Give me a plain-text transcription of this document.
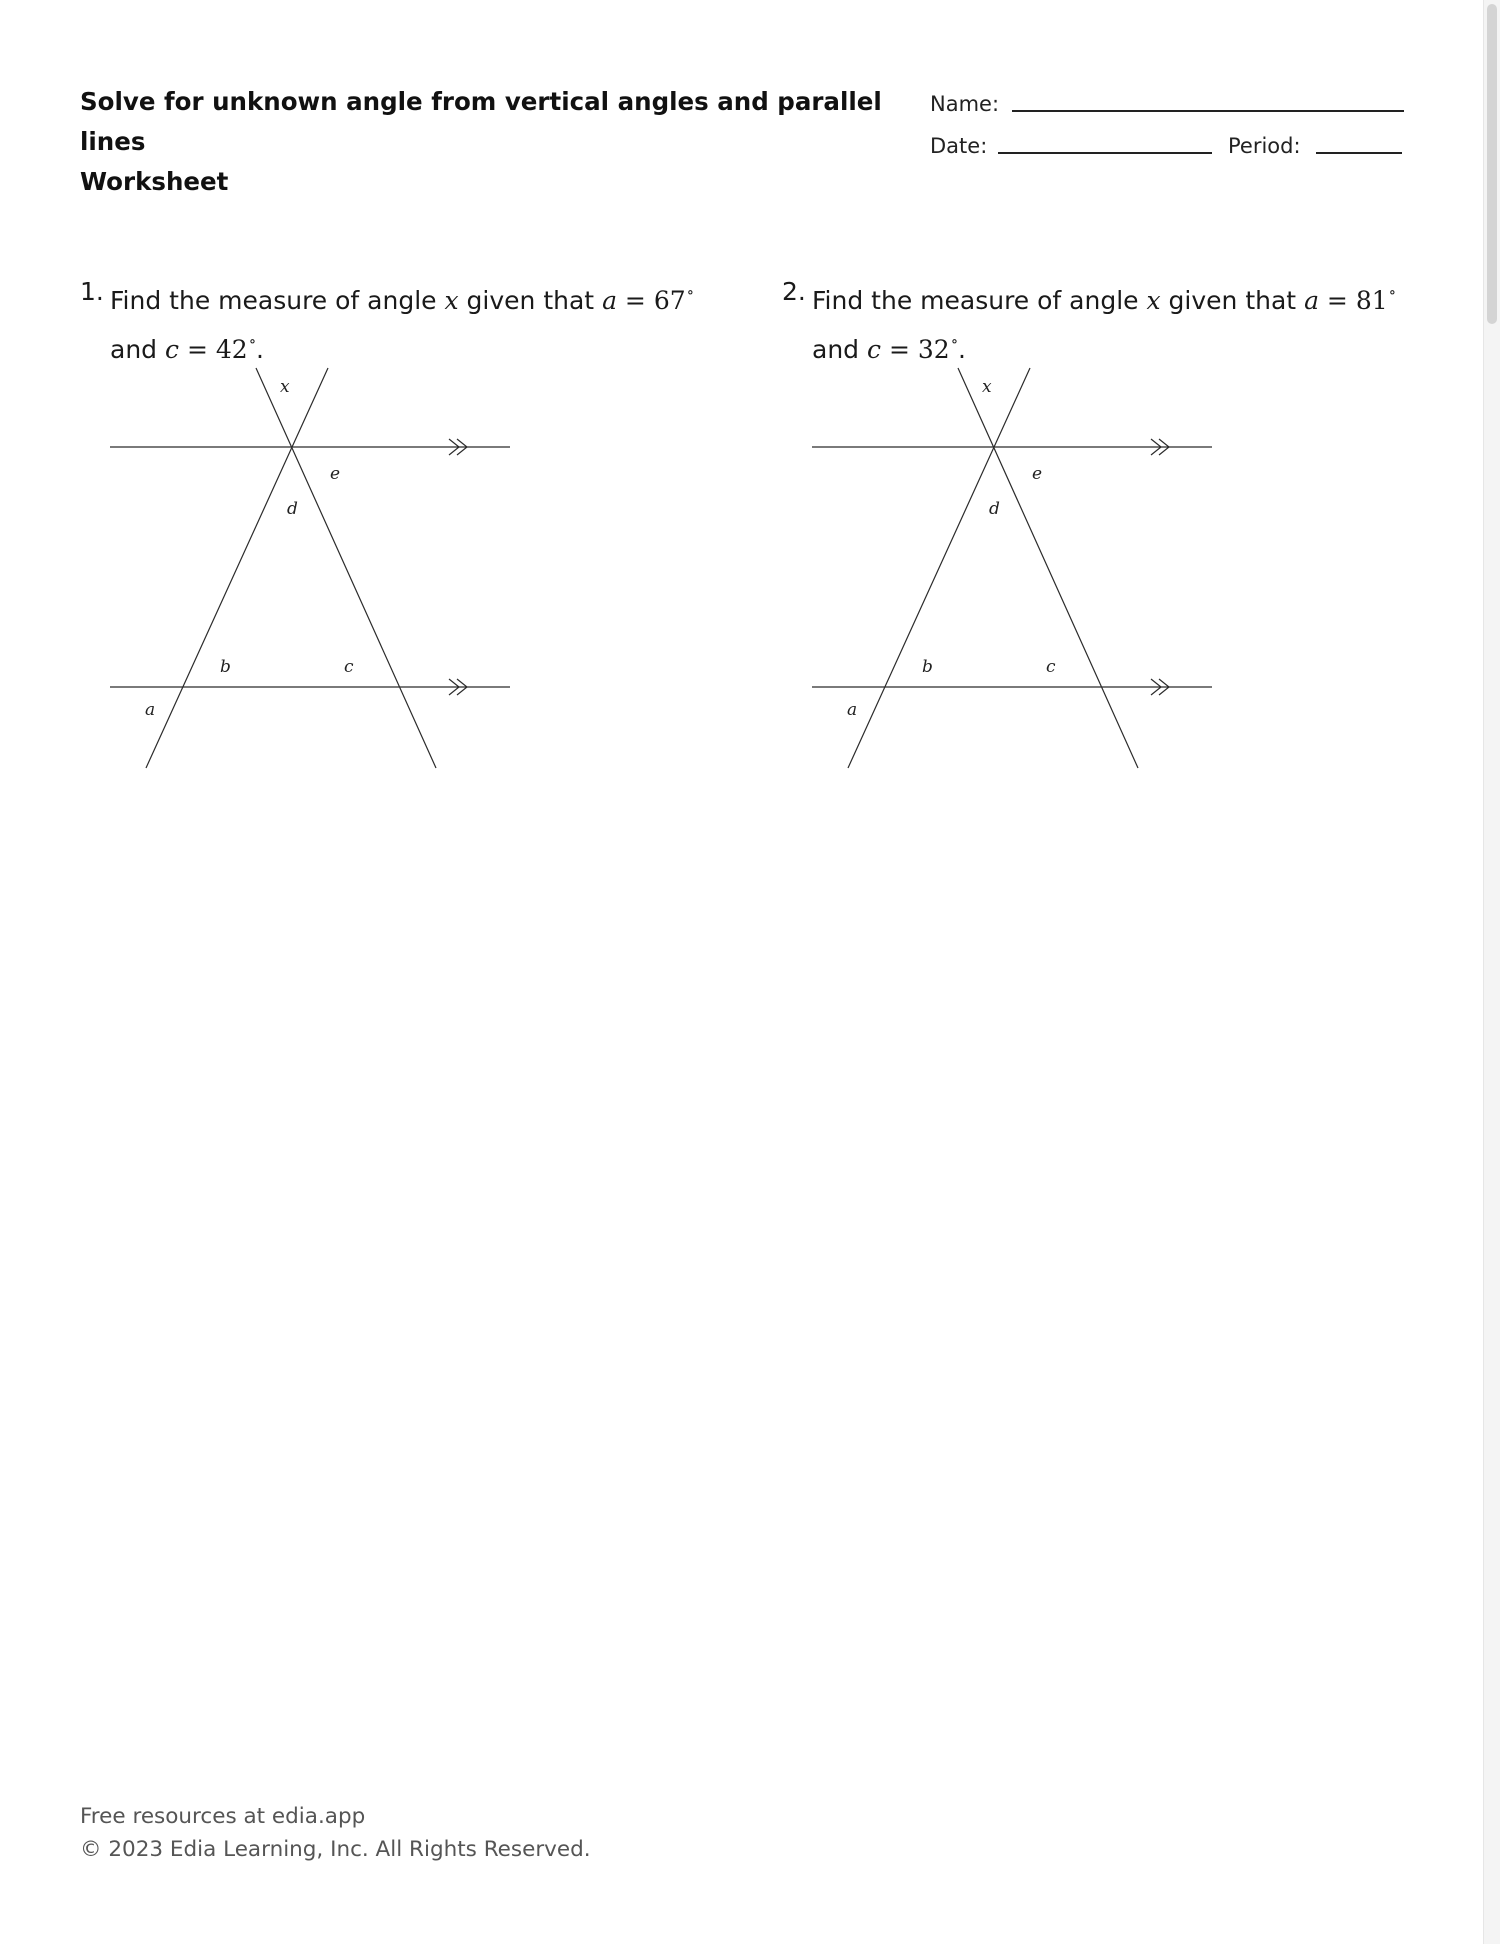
Solve for unknown angle from vertical angles and parallel lines
Worksheet
Name:
Date:	Period:
1. Find the measure of angle x given that a = 67∘
and c = 42∘.
x
e
d
b	c
a
2. Find the measure of angle x given that a = 81∘
and c = 32∘.
x
e
d
b	c
a
Free resources at edia.app
© 2023 Edia Learning, Inc. All Rights Reserved.
